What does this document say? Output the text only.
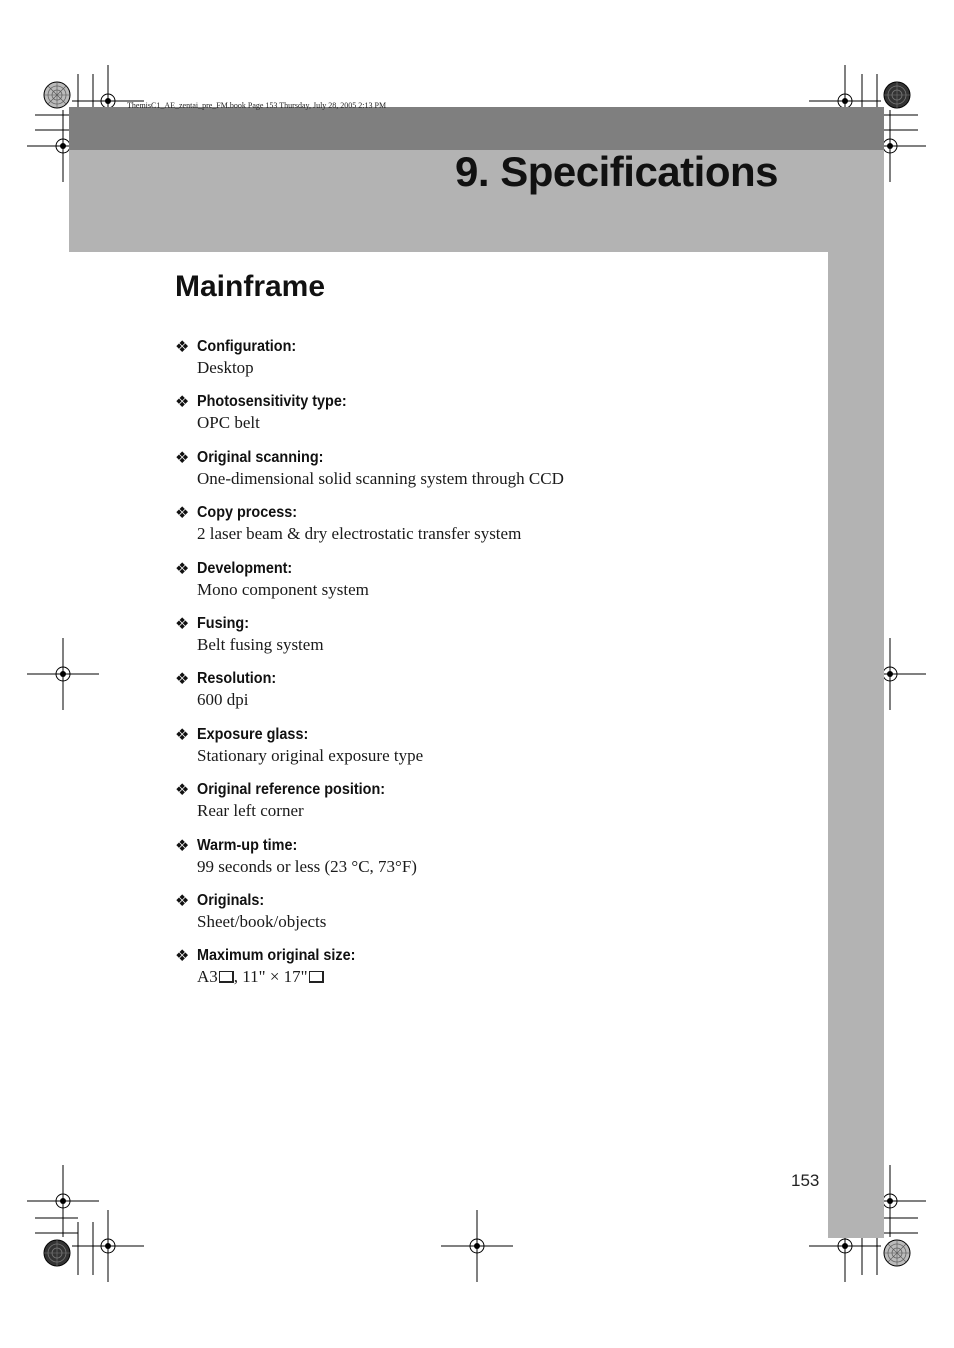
ThemisC1_AE_zentai_pre_FM.book Page 153 Thursday, July 28, 2005 2:13 PM
9. Specifications
Mainframe
❖ Configuration:
Desktop
❖ Photosensitivity type:
OPC belt
❖ Original scanning:
One-dimensional solid scanning system through CCD
❖ Copy process:
2 laser beam & dry electrostatic transfer system
❖ Development:
Mono component system
❖ Fusing:
Belt fusing system
❖ Resolution:
600 dpi
❖ Exposure glass:
Stationary original exposure type
❖ Original reference position:
Rear left corner
❖ Warm-up time:
99 seconds or less (23 °C, 73°F)
❖ Originals:
Sheet/book/objects
❖ Maximum original size:
A3 , 11" × 17"
153
